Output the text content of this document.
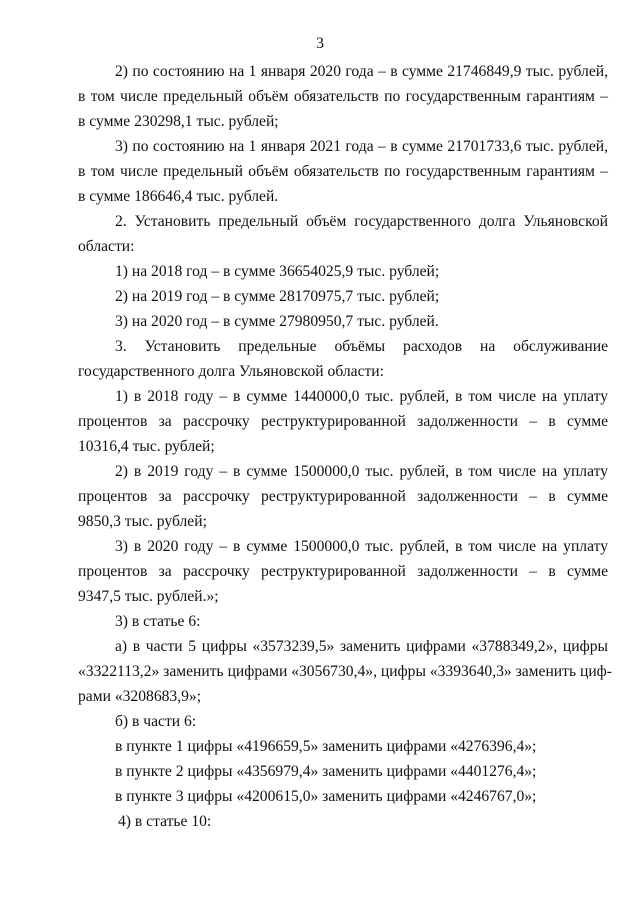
3
2) по состоянию на 1 января 2020 года – в сумме 21746849,9 тыс. рублей,
в том числе предельный объём обязательств по государственным гарантиям –
в сумме 230298,1 тыс. рублей;
3) по состоянию на 1 января 2021 года – в сумме 21701733,6 тыс. рублей,
в том числе предельный объём обязательств по государственным гарантиям –
в сумме 186646,4 тыс. рублей.
2. Установить предельный объём государственного долга Ульяновской
области:
1) на 2018 год – в сумме 36654025,9 тыс. рублей;
2) на 2019 год – в сумме 28170975,7 тыс. рублей;
3) на 2020 год – в сумме 27980950,7 тыс. рублей.
3. Установить предельные объёмы расходов на обслуживание
государственного долга Ульяновской области:
1) в 2018 году – в сумме 1440000,0 тыс. рублей, в том числе на уплату
процентов за рассрочку реструктурированной задолженности – в сумме
10316,4 тыс. рублей;
2) в 2019 году – в сумме 1500000,0 тыс. рублей, в том числе на уплату
процентов за рассрочку реструктурированной задолженности – в сумме
9850,3 тыс. рублей;
3) в 2020 году – в сумме 1500000,0 тыс. рублей, в том числе на уплату
процентов за рассрочку реструктурированной задолженности – в сумме
9347,5 тыс. рублей.»;
3) в статье 6:
а) в части 5 цифры «3573239,5» заменить цифрами «3788349,2», цифры
«3322113,2» заменить цифрами «3056730,4», цифры «3393640,3» заменить циф-
рами «3208683,9»;
б) в части 6:
в пункте 1 цифры «4196659,5» заменить цифрами «4276396,4»;
в пункте 2 цифры «4356979,4» заменить цифрами «4401276,4»;
в пункте 3 цифры «4200615,0» заменить цифрами «4246767,0»;
4) в статье 10:
